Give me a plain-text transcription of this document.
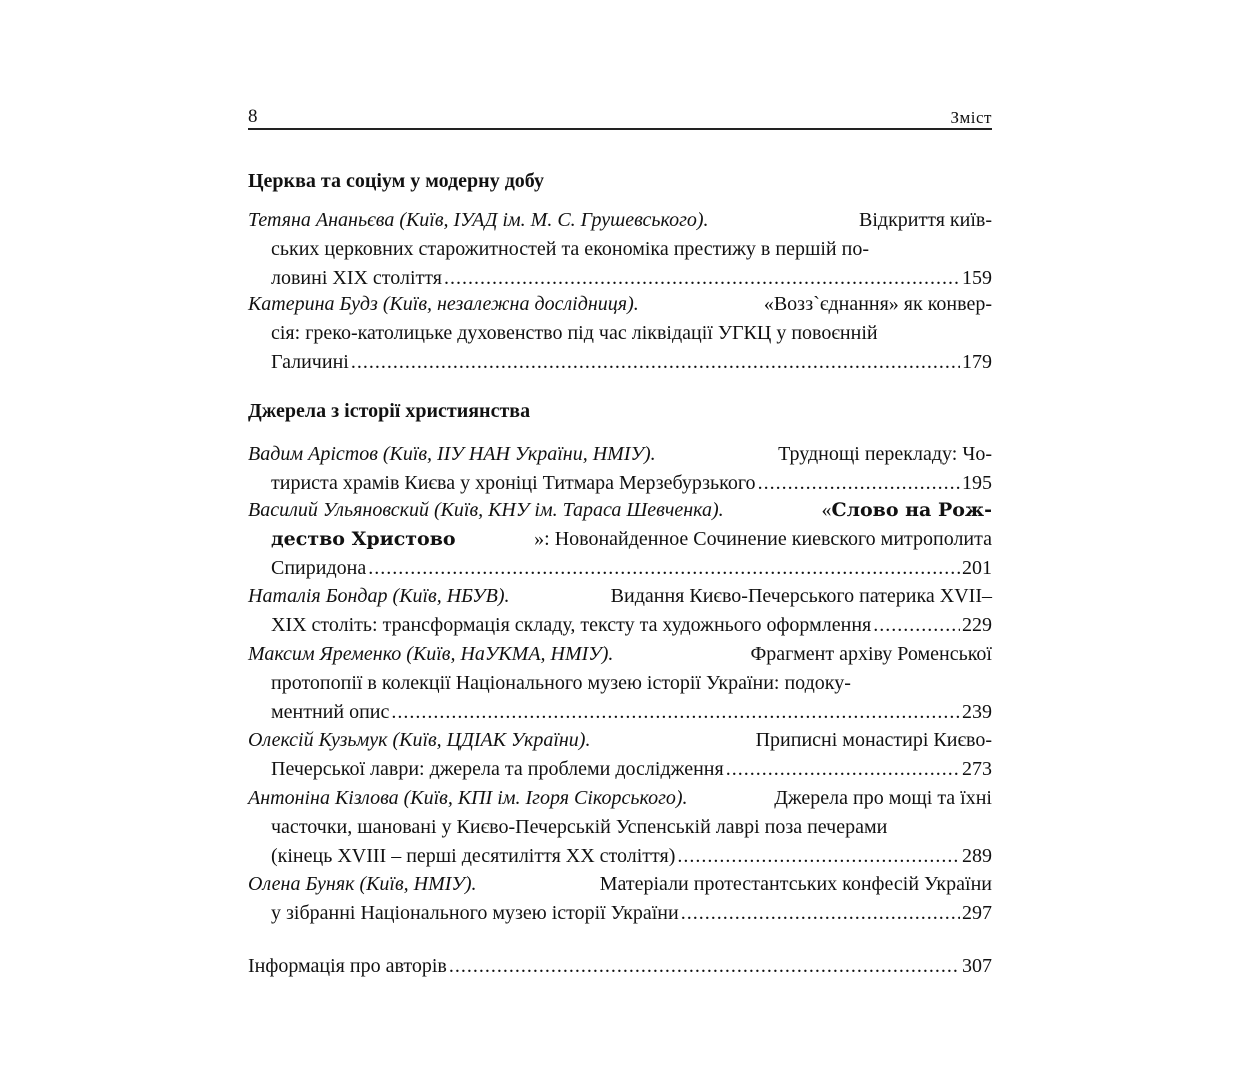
8	Зміст
Церква та соціум у модерну добу
Тетяна Ананьєва (Київ, ІУАД ім. М. С. Грушевського).	Відкриття київ-
ських церковних старожитностей та економіка престижу в першій по-
ловині XIX століття .....	159
Катерина Будз (Київ, незалежна дослідниця).	«Возз`єднання» як конвер-
сія: греко-католицьке духовенство під час ліквідації УГКЦ у повоєнній
Галичині .....	179
Джерела з історії християнства
Вадим Арістов (Київ, ІІУ НАН України, НМІУ).	Труднощі перекладу: Чо-
тириста храмів Києва у хроніці Титмара Мерзебурзького .....	195
Василий Ульяновский (Київ, КНУ ім. Тараса Шевченка).	«Слово на Рож-
дество Христово	»: Новонайденное Сочинение киевского митрополита
Спиридона .....	201
Наталія Бондар (Київ, НБУВ).	Видання Києво-Печерського патерика XVII–
XIX століть: трансформація складу, тексту та художнього оформлення .....	229
Максим Яременко (Київ, НаУКМА, НМІУ).	Фрагмент архіву Роменської
протопопії в колекції Національного музею історії України: подоку-
ментний опис .....	239
Олексій Кузьмук (Київ, ЦДІАК України).	Приписні монастирі Києво-
Печерської лаври: джерела та проблеми дослідження .....	273
Антоніна Кізлова (Київ, КПІ ім. Ігоря Сікорського).	Джерела про мощі та їхні
часточки, шановані у Києво-Печерській Успенській лаврі поза печерами
(кінець XVIII – перші десятиліття XX століття) .....	289
Олена Буняк (Київ, НМІУ).	Матеріали протестантських конфесій України
у зібранні Національного музею історії України .....	297
Інформація про авторів .....	307
